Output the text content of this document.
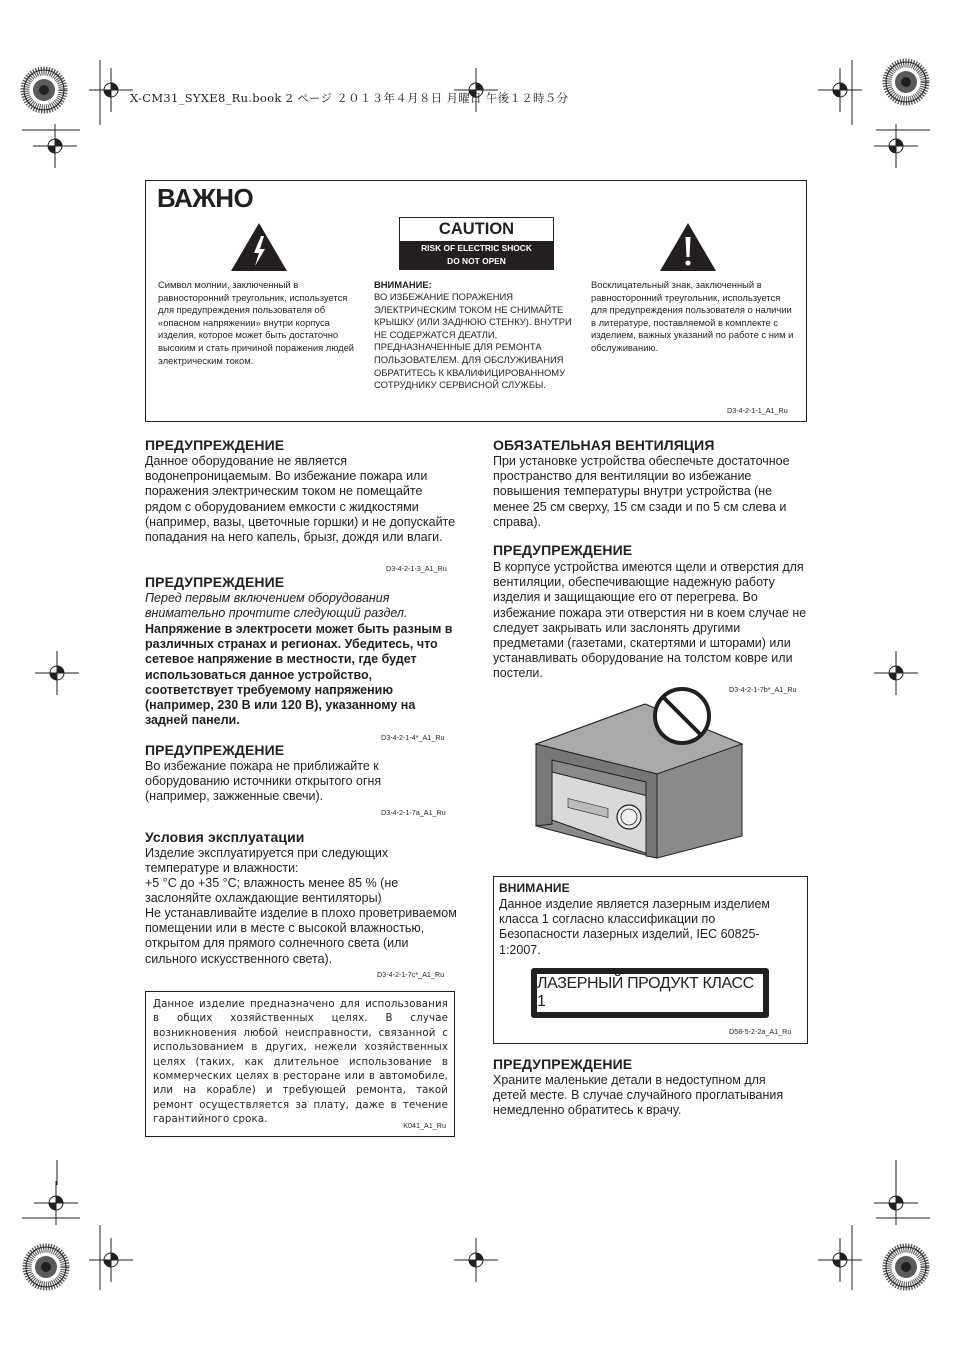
X-CM31_SYXE8_Ru.book 2 ページ ２０１３年４月８日 月曜日 午後１２時５分
ВАЖНО
Символ молнии, заключенный в равносторонний треугольник, используется для предупреждения пользователя об «опасном напряжении» внутри корпуса изделия, которое может быть достаточно высоким и стать причиной поражения людей электрическим током.
CAUTION
RISK OF ELECTRIC SHOCK
DO NOT OPEN
ВНИМАНИЕ:
ВО ИЗБЕЖАНИЕ ПОРАЖЕНИЯ ЭЛЕКТРИЧЕСКИМ ТОКОМ НЕ СНИМАЙТЕ КРЫШКУ (ИЛИ ЗАДНЮЮ СТЕНКУ). ВНУТРИ НЕ СОДЕРЖАТСЯ ДЕАТЛИ, ПРЕДНАЗНАЧЕННЫЕ ДЛЯ РЕМОНТА ПОЛЬЗОВАТЕЛЕМ. ДЛЯ ОБСЛУЖИВАНИЯ ОБРАТИТЕСЬ К КВАЛИФИЦИРОВАННОМУ СОТРУДНИКУ СЕРВИСНОЙ СЛУЖБЫ.
Восклицательный знак, заключенный в равносторонний треугольник, используется для предупреждения пользователя о наличии в литературе, поставляемой в комплекте с изделием, важных указаний по работе с ним и обслуживанию.
D3-4-2-1-1_A1_Ru
ПРЕДУПРЕЖДЕНИЕ
Данное оборудование не является водонепроницаемым. Во избежание пожара или поражения электрическим током не помещайте рядом с оборудованием емкости с жидкостями (например, вазы, цветочные горшки) и не допускайте попадания на него капель, брызг, дождя или влаги.
D3-4-2-1-3_A1_Ru
ПРЕДУПРЕЖДЕНИЕ
Перед первым включением оборудования внимательно прочтите следующий раздел.
Напряжение в электросети может быть разным в различных странах и регионах. Убедитесь, что сетевое напряжение в местности, где будет использоваться данное устройство, соответствует требуемому напряжению (например, 230 В или 120 В), указанному на задней панели.
D3-4-2-1-4*_A1_Ru
ПРЕДУПРЕЖДЕНИЕ
Во избежание пожара не приближайте к оборудованию источники открытого огня (например, зажженные свечи).
D3-4-2-1-7a_A1_Ru
Условия эксплуатации
Изделие эксплуатируется при следующих температуре и влажности:
+5 °C до +35 °C; влажность менее 85 % (не заслоняйте охлаждающие вентиляторы)
Не устанавливайте изделие в плохо проветриваемом помещении или в месте с высокой влажностью, открытом для прямого солнечного света (или сильного искусственного света).
D3-4-2-1-7c*_A1_Ru
Данное изделие предназначено для использования в общих хозяйственных целях. В случае возникновения любой неисправности, связанной с использованием в других, нежели хозяйственных целях (таких, как длительное использование в коммерческих целях в ресторане или в автомобиле, или на корабле) и требующей ремонта, такой ремонт осуществляется за плату, даже в течение гарантийного срока.
K041_A1_Ru
ОБЯЗАТЕЛЬНАЯ ВЕНТИЛЯЦИЯ
При установке устройства обеспечьте достаточное пространство для вентиляции во избежание повышения температуры внутри устройства (не менее 25 см сверху, 15 см сзади и по 5 см слева и справа).
ПРЕДУПРЕЖДЕНИЕ
В корпусе устройства имеются щели и отверстия для вентиляции, обеспечивающие надежную работу изделия и защищающие его от перегрева. Во избежание пожара эти отверстия ни в коем случае не следует закрывать или заслонять другими предметами (газетами, скатертями и шторами) или устанавливать оборудование на толстом ковре или постели.
D3-4-2-1-7b*_A1_Ru
ВНИМАНИЕ
Данное изделие является лазерным изделием класса 1 согласно классификации по Безопасности лазерных изделий, IEC 60825-1:2007.
ЛАЗЕРНЫЙ ПРОДУКТ КЛАСС 1
D58-5-2-2a_A1_Ru
ПРЕДУПРЕЖДЕНИЕ
Храните маленькие детали в недоступном для детей месте. В случае случайного проглатывания немедленно обратитесь к врачу.
